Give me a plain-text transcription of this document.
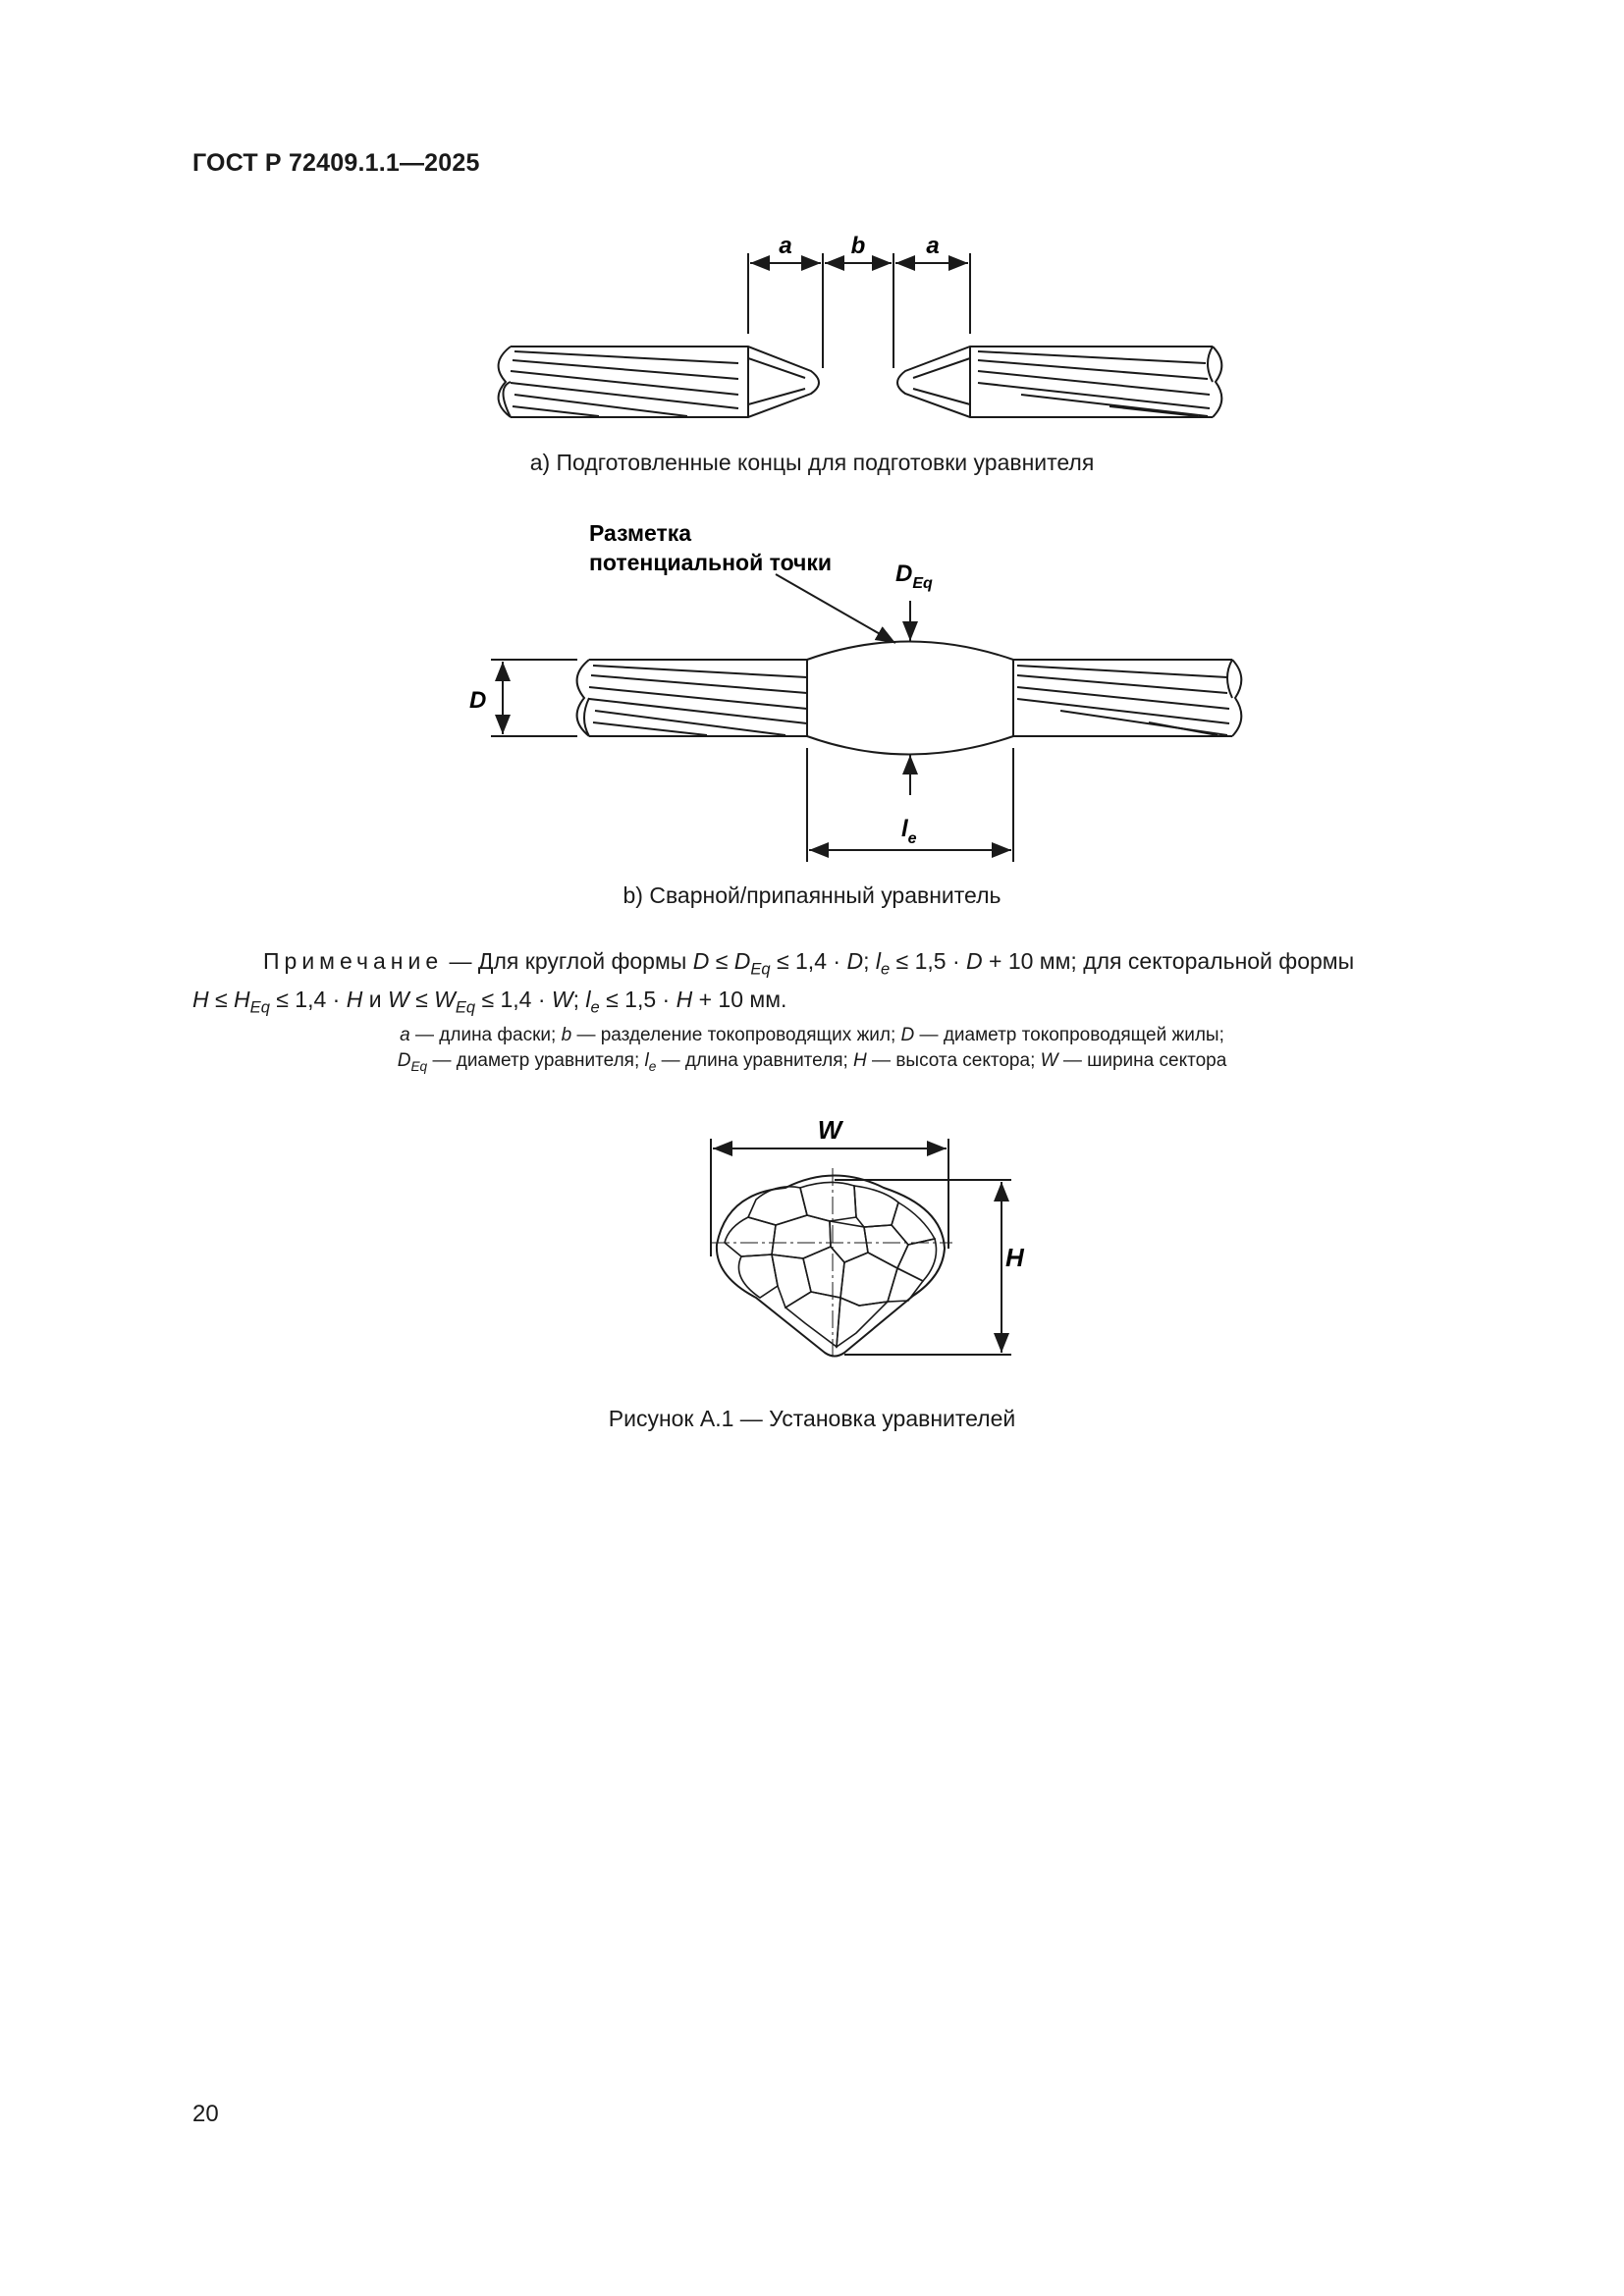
ГОСТ Р 72409.1.1—2025
a b	a
а) Подготовленные концы для подготовки уравнителя
Разметка
потенциальной точки	$D_{Eq}$
D
$l_e$
b) Сварной/припаянный уравнитель
Примечание — Для круглой формы $D \le D_{Eq} \le 1,4 \cdot D$; $l_e \le 1,5 \cdot D + 10$ мм; для секторальной формы
$H \le H_{Eq} \le 1,4 \cdot H$ и $W \le W_{Eq} \le 1,4 \cdot W$; $l_e \le 1,5 \cdot H + 10$ мм.
a — длина фаски; b — разделение токопроводящих жил; D — диаметр токопроводящей жилы;
$D_{Eq}$ — диаметр уравнителя; $l_e$ — длина уравнителя; H — высота сектора; W — ширина сектора
W
H
Рисунок А.1 — Установка уравнителей
20
